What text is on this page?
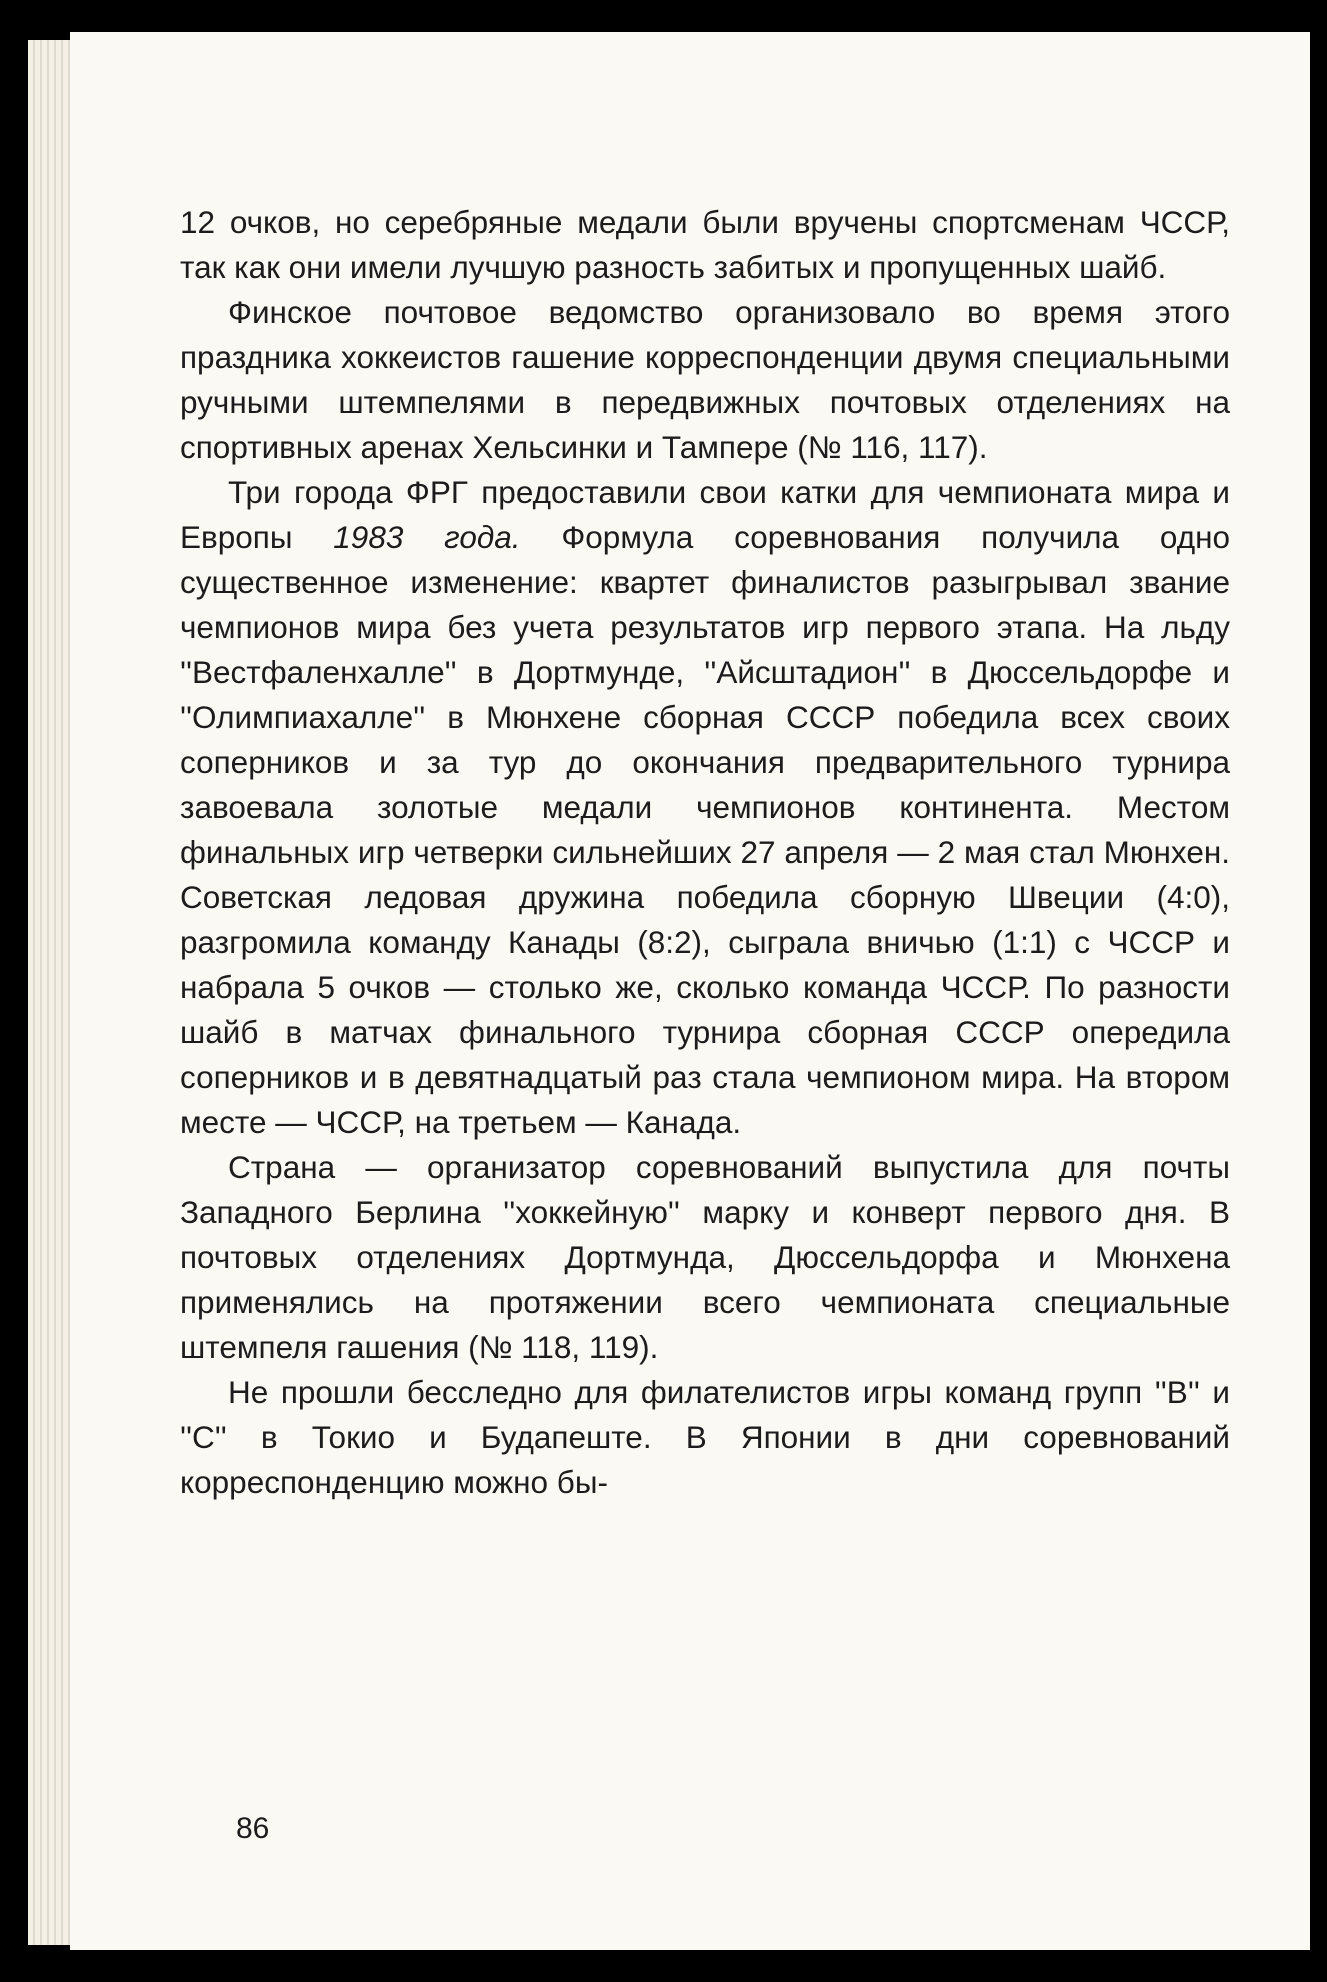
12 очков, но серебряные медали были вручены спортсменам ЧССР, так как они имели лучшую разность забитых и пропущенных шайб.

Финское почтовое ведомство организовало во время этого праздника хоккеистов гашение корреспонденции двумя специальными ручными штемпелями в передвижных почтовых отделениях на спортивных аренах Хельсинки и Тампере (№ 116, 117).

Три города ФРГ предоставили свои катки для чемпионата мира и Европы 1983 года. Формула соревнования получила одно существенное изменение: квартет финалистов разыгрывал звание чемпионов мира без учета результатов игр первого этапа. На льду ''Вестфаленхалле'' в Дортмунде, ''Айсштадион'' в Дюссельдорфе и ''Олимпиахалле'' в Мюнхене сборная СССР победила всех своих соперников и за тур до окончания предварительного турнира завоевала золотые медали чемпионов континента. Местом финальных игр четверки сильнейших 27 апреля — 2 мая стал Мюнхен. Советская ледовая дружина победила сборную Швеции (4:0), разгромила команду Канады (8:2), сыграла вничью (1:1) с ЧССР и набрала 5 очков — столько же, сколько команда ЧССР. По разности шайб в матчах финального турнира сборная СССР опередила соперников и в девятнадцатый раз стала чемпионом мира. На втором месте — ЧССР, на третьем — Канада.

Страна — организатор соревнований выпустила для почты Западного Берлина ''хоккейную'' марку и конверт первого дня. В почтовых отделениях Дортмунда, Дюссельдорфа и Мюнхена применялись на протяжении всего чемпионата специальные штемпеля гашения (№ 118, 119).

Не прошли бесследно для филателистов игры команд групп ''В'' и ''С'' в Токио и Будапеште. В Японии в дни соревнований корреспонденцию можно бы-

86
